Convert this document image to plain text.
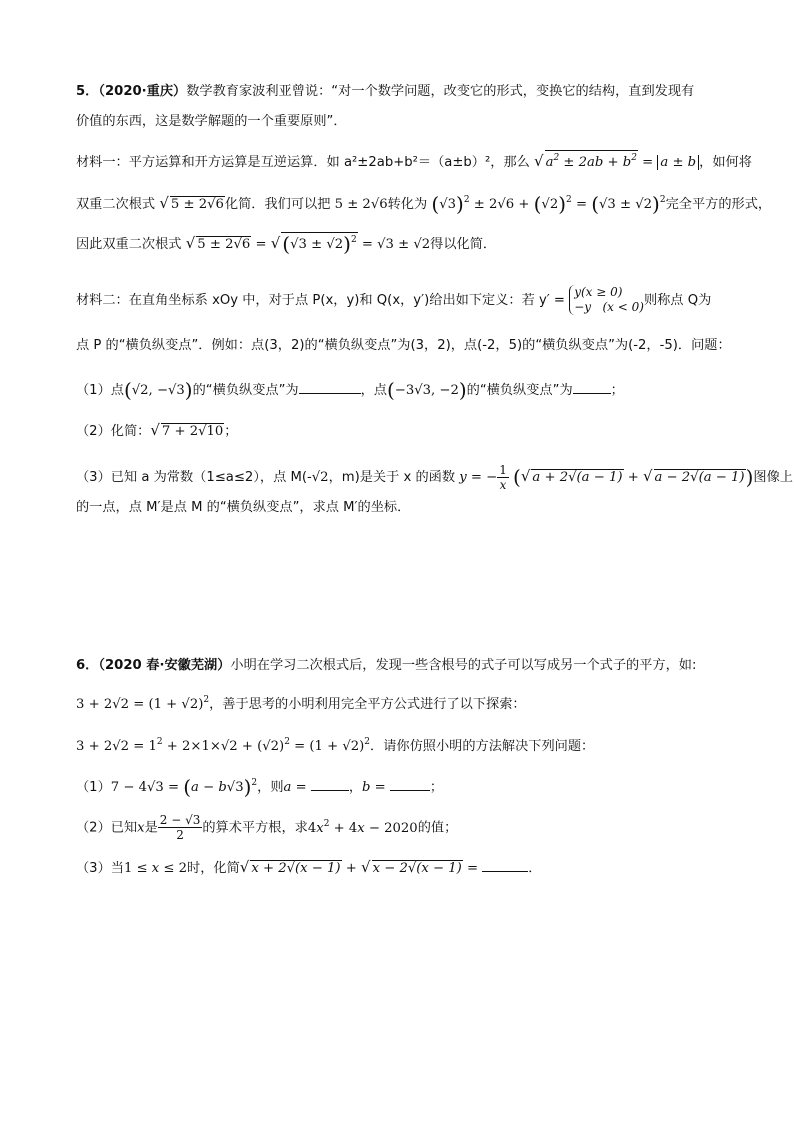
5．（2020·重庆）数学教育家波利亚曾说：“对一个数学问题，改变它的形式，变换它的结构，直到发现有
价值的东西，这是数学解题的一个重要原则”．
材料一：平方运算和开方运算是互逆运算．如 a²±2ab+b²＝（a±b）²，那么 √ $a^2 \pm 2ab + b^2 = a \pm b$ ，如何将
双重二次根式 √ 5 ± 2√6化简．我们可以把 5 ± 2√6转化为 $(√3)^2 \pm 2√6 + (√2)^2 = (√3 \pm √2)^2$完全平方的形式，
因此双重二次根式 √ 5 ± 2√6 = √ $(√3 \pm √2)^2 = √3 \pm √2$得以化简．
材料二：在直角坐标系 xOy 中，对于点 P(x，y)和 Q(x，y′)给出如下定义：若 y′ = y(x ≥ 0)
−y   (x < 0)则称点 Q为
点 P 的“横负纵变点”．例如：点(3，2)的“横负纵变点”为(3，2)，点(-2，5)的“横负纵变点”为(-2，-5)．问题：
（1）点(√2, −√3)的“横负纵变点”为	，点(−3√3, −2)的“横负纵变点”为	；
（2）化简：√ 7 + 2√10；
（3）已知 a 为常数（1≤a≤2），点 M(-√2，m)是关于 x 的函数 y = − $\frac{1}{x}$ (√ a + 2√(a − 1) + √ a − 2√(a − 1))图像上
的一点，点 M′是点 M 的“横负纵变点”，求点 M′的坐标．
6．（2020 春·安徽芜湖）小明在学习二次根式后，发现一些含根号的式子可以写成另一个式子的平方，如:
$3 + 2√2 = (1 + √2)^2$，善于思考的小明利用完全平方公式进行了以下探索：
$3 + 2√2 = 1^2 + 2\times 1\times√2 + (√2)^2 = (1 + √2)^2$．请你仿照小明的方法解决下列问题：
$(1)7 - 4√3 = (a - b√3)^2$，则a =	，b =	；
（2）已知x是 $\frac{2 - √3}{2}$ 的算术平方根，求$4x^2 + 4x - 2020$的值；
（3）当1 ≤ x ≤ 2时，化简√ x + 2√(x − 1) + √ x − 2√(x − 1) =	．
